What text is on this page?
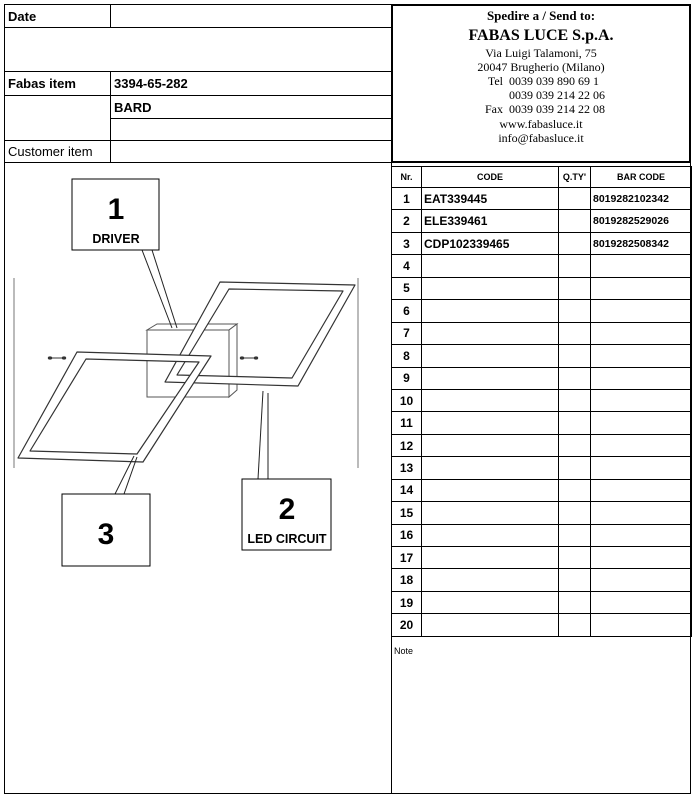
Date
Fabas item	3394-65-282
BARD
Customer item
1
DRIVER
2
LED CIRCUIT
3
Spedire a / Send to:
FABAS LUCE S.p.A.
Via Luigi Talamoni, 75
20047 Brugherio (Milano)
Tel 0039 039 890 69 1
0039 039 214 22 06
Fax 0039 039 214 22 08
www.fabasluce.it
info@fabasluce.it
Nr.	CODE	Q.TY'	BAR CODE
1	EAT339445		8019282102342
2	ELE339461		8019282529026
3	CDP102339465		8019282508342
4			
5			
6			
7			
8			
9			
10			
11			
12			
13			
14			
15			
16			
17			
18			
19			
20			
Note
